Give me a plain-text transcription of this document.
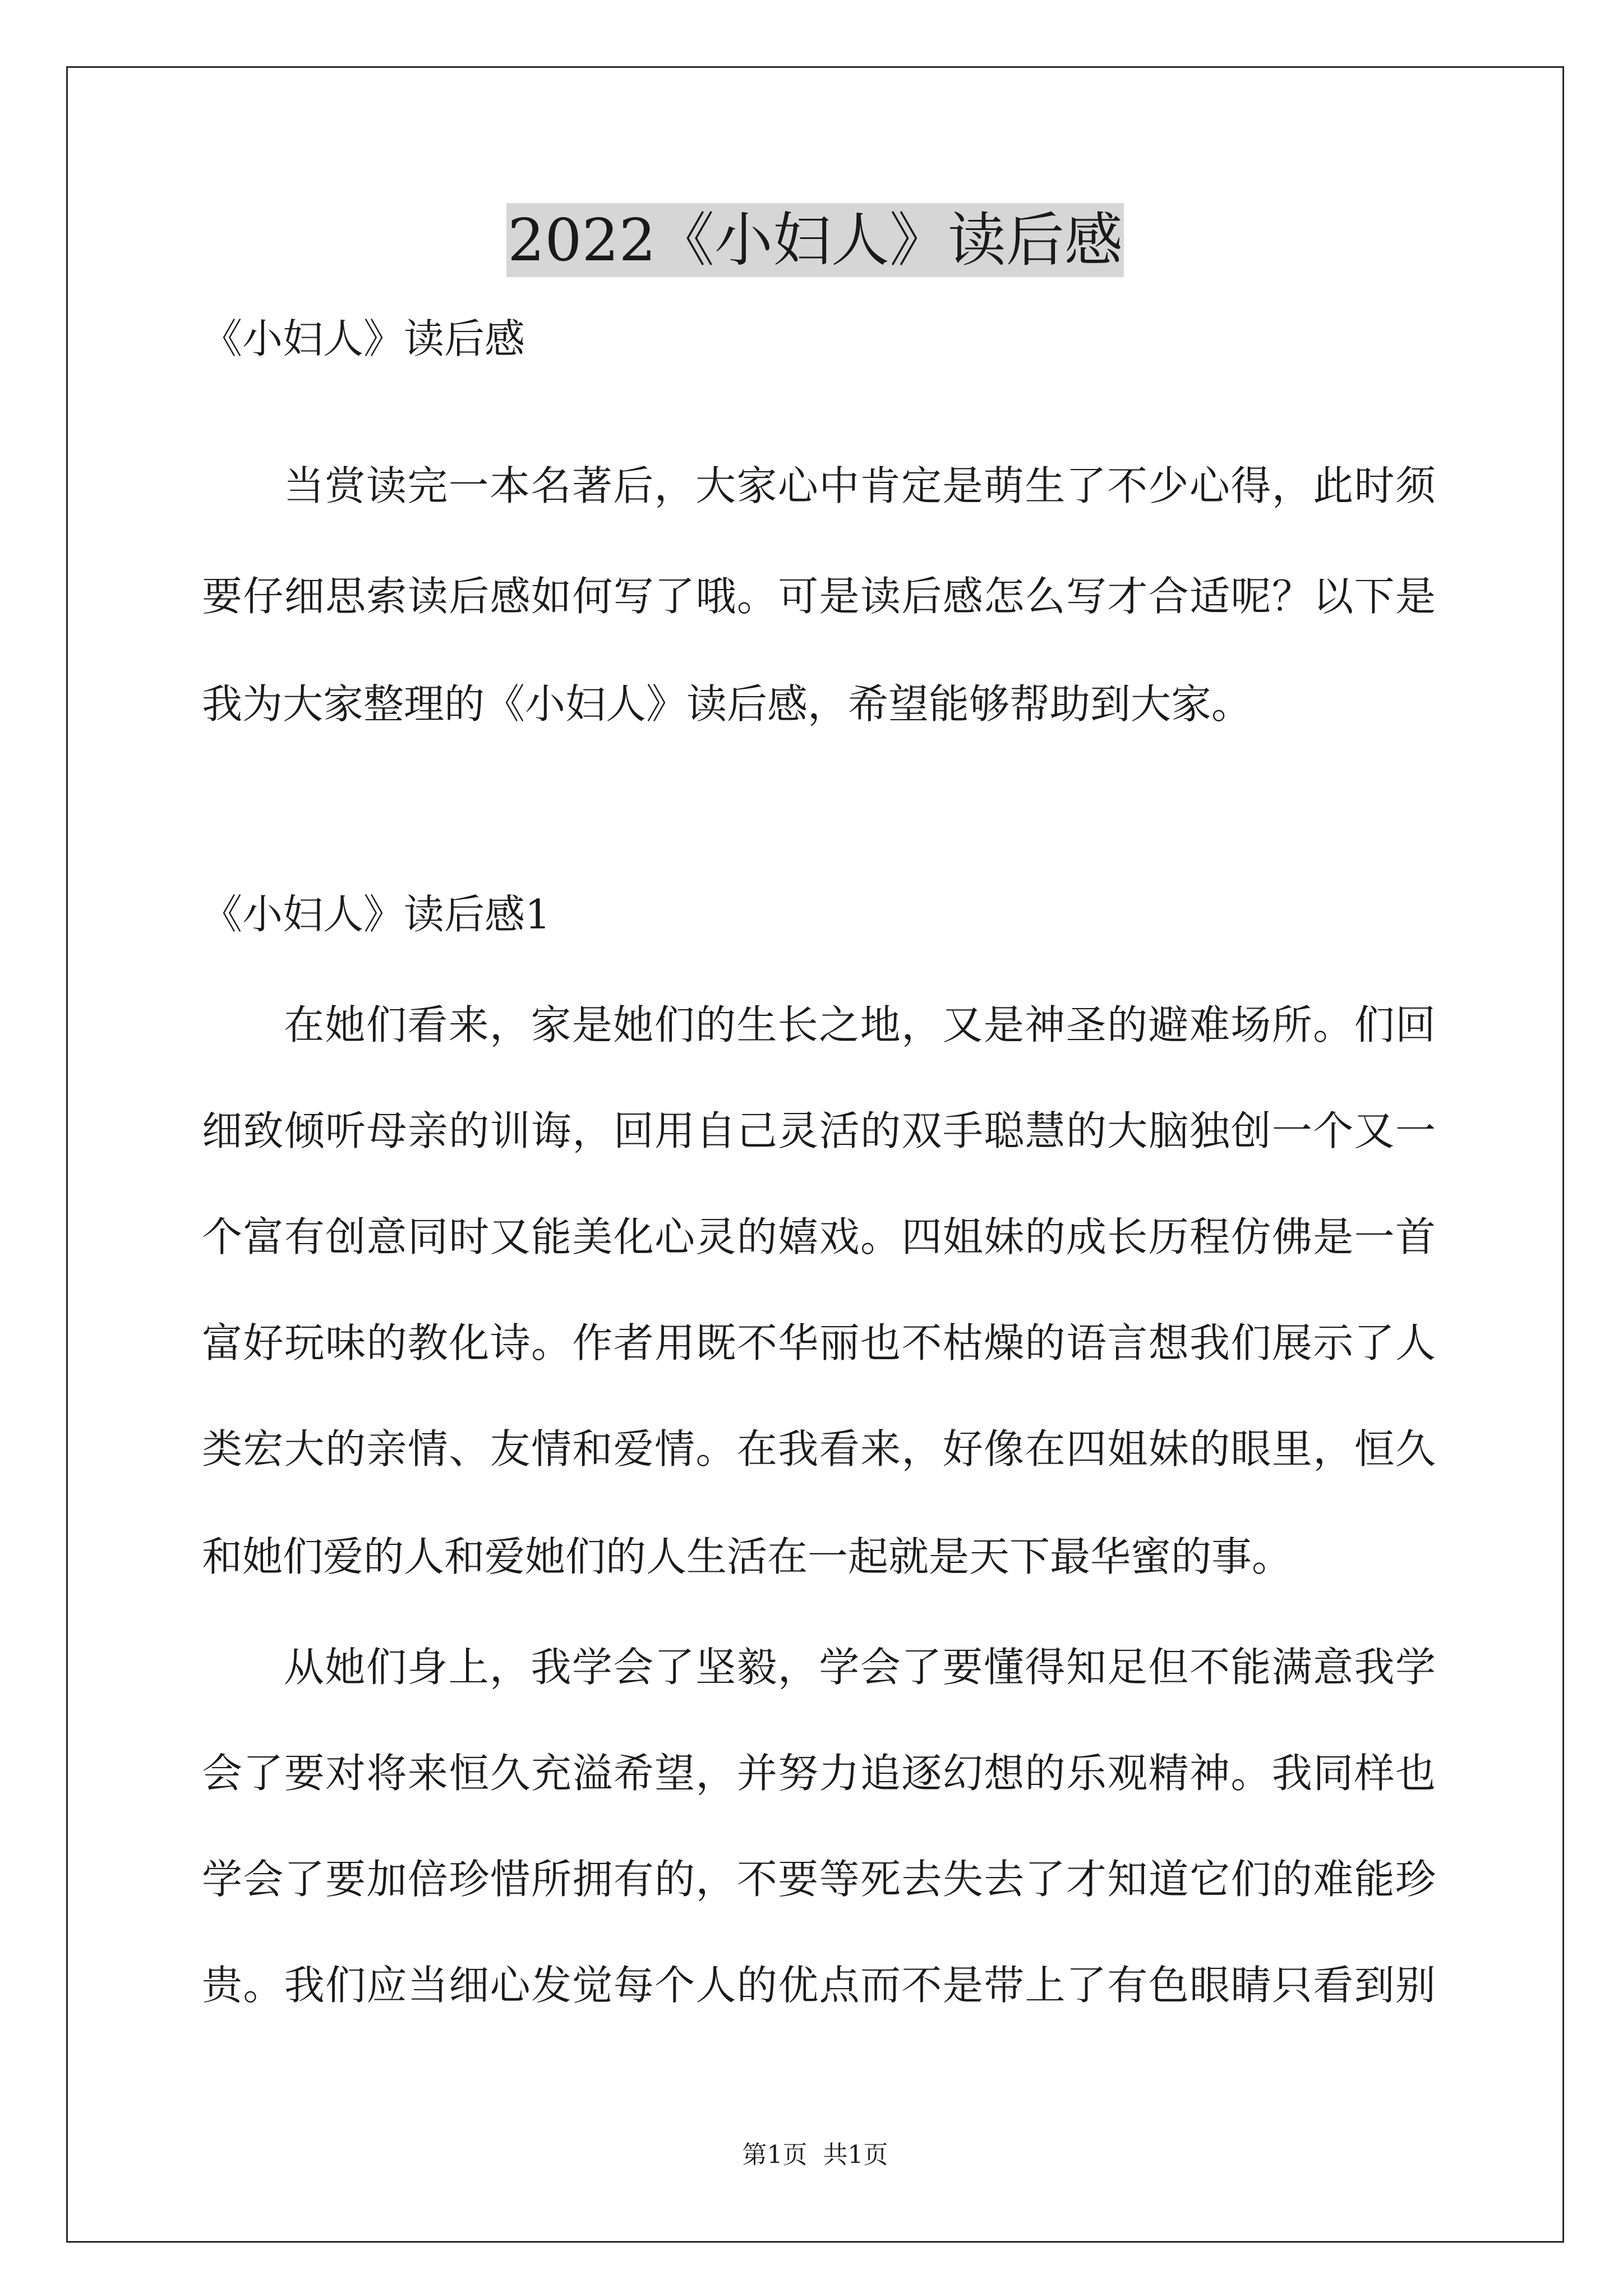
2022《小妇人》读后感
《小妇人》读后感
当赏读完一本名著后，大家心中肯定是萌生了不少心得，此时须
要仔细思索读后感如何写了哦。可是读后感怎么写才合适呢？以下是
我为大家整理的《小妇人》读后感，希望能够帮助到大家。
《小妇人》读后感1
在她们看来，家是她们的生长之地，又是神圣的避难场所。们回
细致倾听母亲的训诲，回用自己灵活的双手聪慧的大脑独创一个又一
个富有创意同时又能美化心灵的嬉戏。四姐妹的成长历程仿佛是一首
富好玩味的教化诗。作者用既不华丽也不枯燥的语言想我们展示了人
类宏大的亲情、友情和爱情。在我看来，好像在四姐妹的眼里，恒久
和她们爱的人和爱她们的人生活在一起就是天下最华蜜的事。
从她们身上，我学会了坚毅，学会了要懂得知足但不能满意我学
会了要对将来恒久充溢希望，并努力追逐幻想的乐观精神。我同样也
学会了要加倍珍惜所拥有的，不要等死去失去了才知道它们的难能珍
贵。我们应当细心发觉每个人的优点而不是带上了有色眼睛只看到别
第1页  共1页
